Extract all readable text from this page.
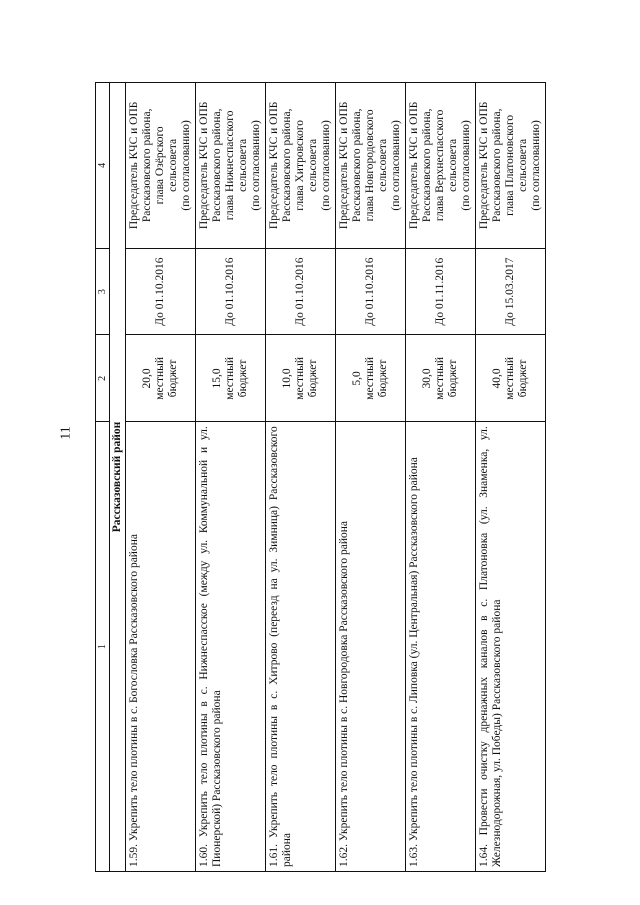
11
1	2	3	4
Рассказовский район			
1.59. Укрепить тело плотины в с. Богословка Рассказовского района	20,0 местный бюджет	До 01.10.2016	Председатель КЧС и ОПБ Рассказовского района, глава Озёрского сельсовета (по согласованию)

1.60. Укрепить тело плотины в с. Нижнеспасское (между ул. Коммунальной и ул. Пионерской) Рассказовского района	15,0 местный бюджет	До 01.10.2016	Председатель КЧС и ОПБ Рассказовского района, глава Нижнеспасского сельсовета (по согласованию)

1.61. Укрепить тело плотины в с. Хитрово (переезд на ул. Зимница) Рассказовского района	10,0 местный бюджет	До 01.10.2016	Председатель КЧС и ОПБ Рассказовского района, глава Хитровского сельсовета (по согласованию)

1.62. Укрепить тело плотины в с. Новгородовка Рассказовского района	5,0 местный бюджет	До 01.10.2016	Председатель КЧС и ОПБ Рассказовского района, глава Новгородовского сельсовета (по согласованию)

1.63. Укрепить тело плотины в с. Липовка (ул. Центральная) Рассказовского района	30,0 местный бюджет	До 01.11.2016	Председатель КЧС и ОПБ Рассказовского района, глава Верхнеспасского сельсовета (по согласованию)

1.64. Провести очистку дренажных каналов в с. Платоновка (ул. Знаменка, ул. Железнодорожная, ул. Победы) Рассказовского района	40,0 местный бюджет	До 15.03.2017	Председатель КЧС и ОПБ Рассказовского района, глава Платоновского сельсовета (по согласованию)
